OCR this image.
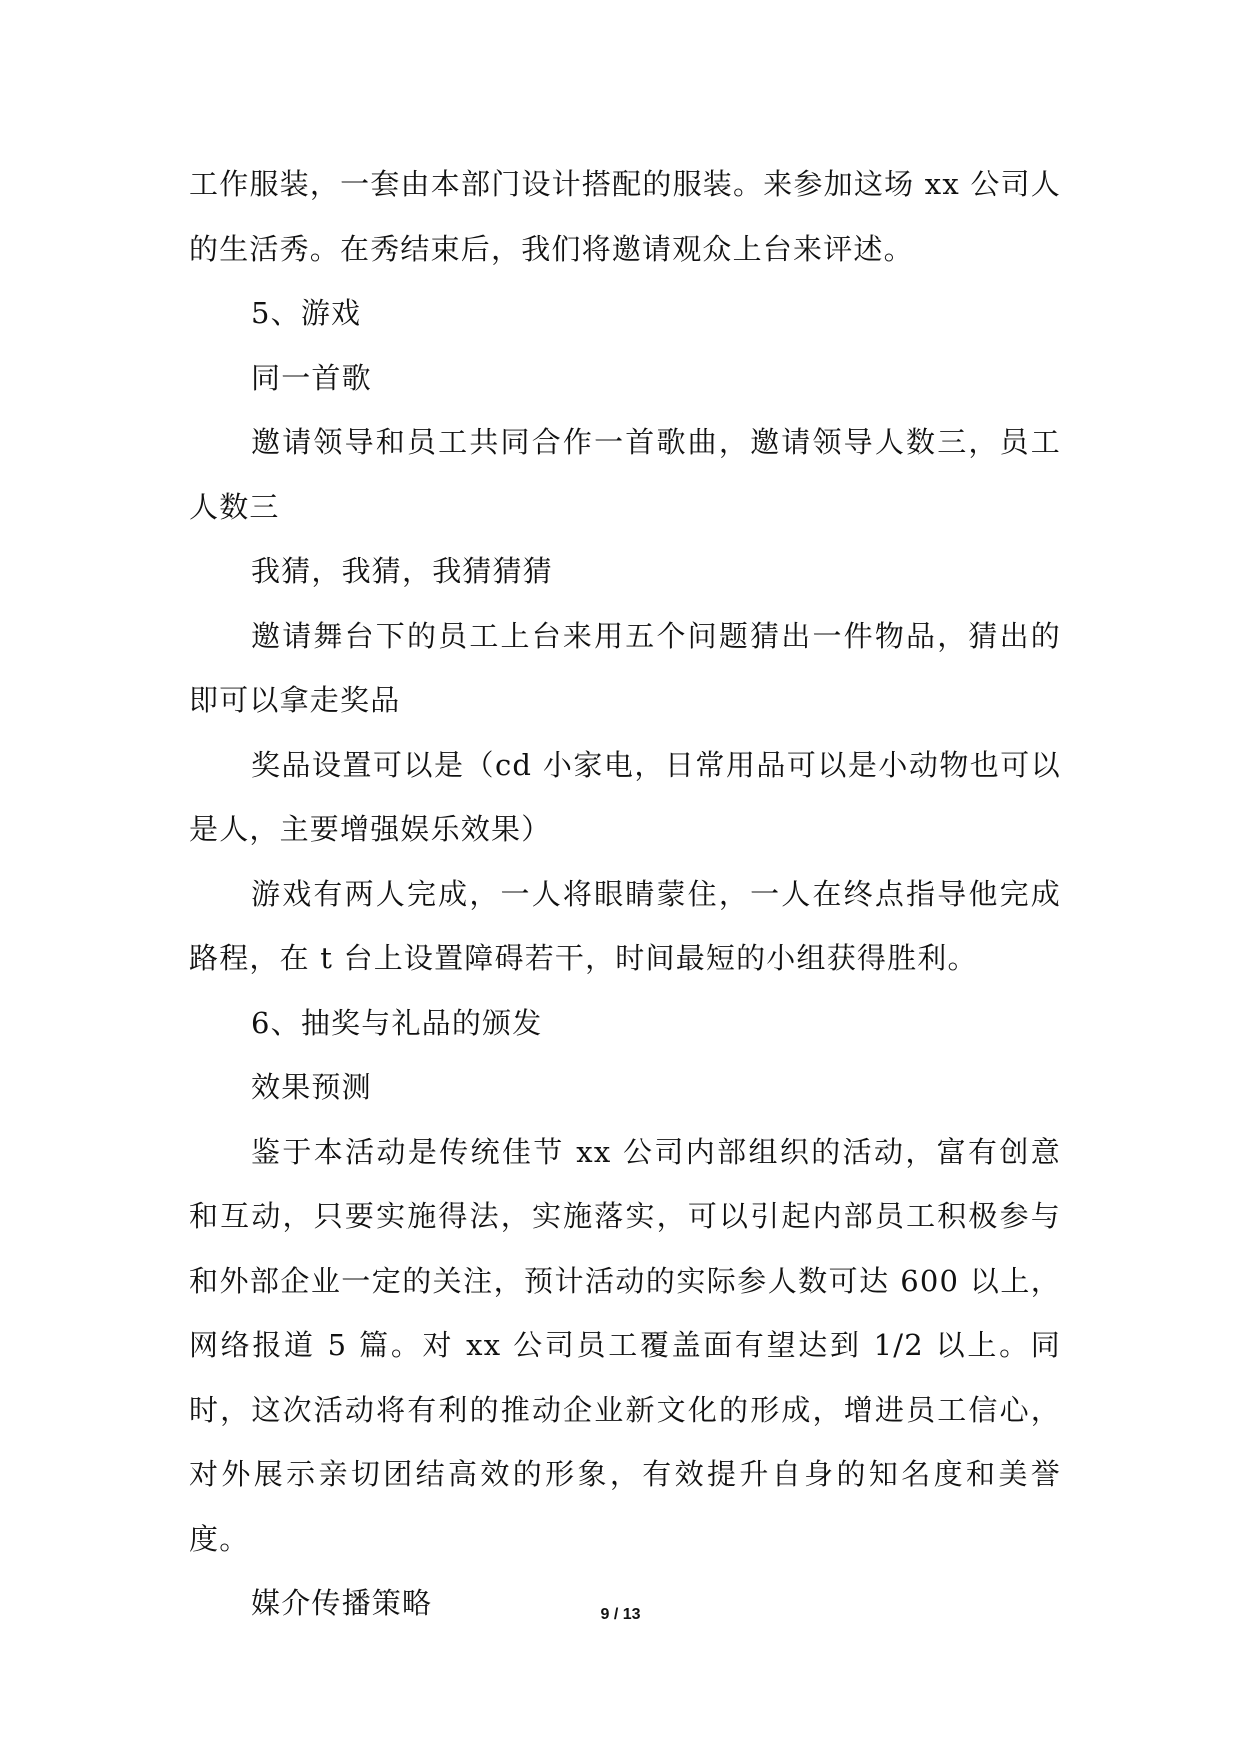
工作服装，一套由本部门设计搭配的服装。来参加这场 xx 公司人的生活秀。在秀结束后，我们将邀请观众上台来评述。

5、游戏

同一首歌

邀请领导和员工共同合作一首歌曲，邀请领导人数三，员工人数三

我猜，我猜，我猜猜猜

邀请舞台下的员工上台来用五个问题猜出一件物品，猜出的即可以拿走奖品

奖品设置可以是（cd 小家电，日常用品可以是小动物也可以是人，主要增强娱乐效果）

游戏有两人完成，一人将眼睛蒙住，一人在终点指导他完成路程，在 t 台上设置障碍若干，时间最短的小组获得胜利。

6、抽奖与礼品的颁发

效果预测

鉴于本活动是传统佳节 xx 公司内部组织的活动，富有创意和互动，只要实施得法，实施落实，可以引起内部员工积极参与和外部企业一定的关注，预计活动的实际参人数可达 600 以上，网络报道 5 篇。对 xx 公司员工覆盖面有望达到 1/2 以上。同时，这次活动将有利的推动企业新文化的形成，增进员工信心，对外展示亲切团结高效的形象，有效提升自身的知名度和美誉度。

媒介传播策略	9 / 13
